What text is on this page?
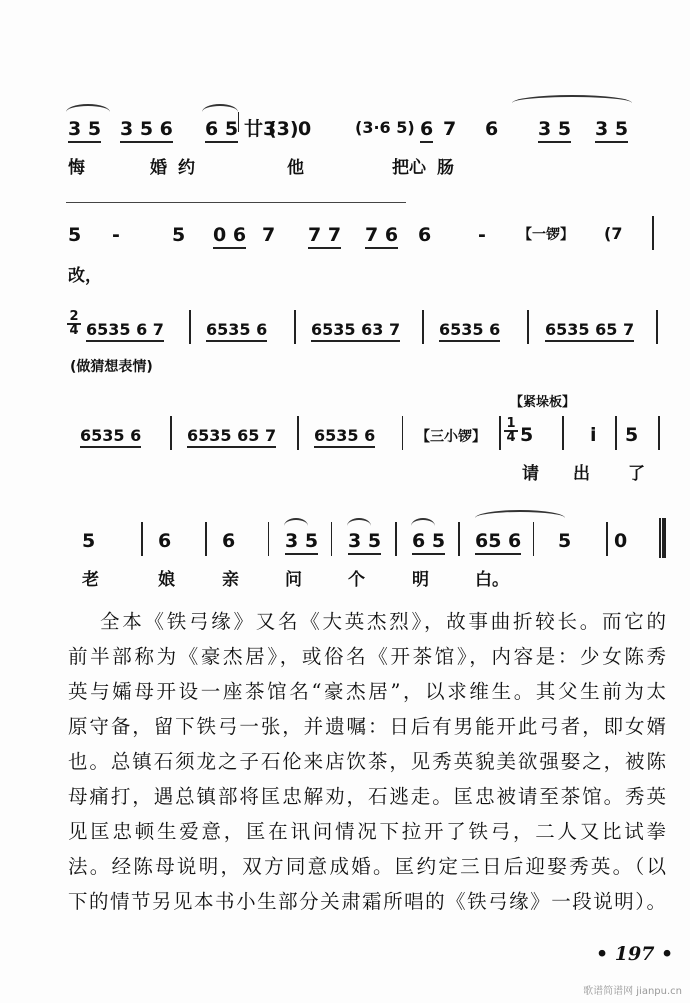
3 5 3 5 6 6 5 廿3
(3) 0	(3·6 5) 6 7 6 3 5 3 5
悔	婚 约	他	把心 肠
5 -	5 0 6 7 7 7 7 6 6 - 【一锣】 (7
改，
2
4 6535 6 7	6535 6	6535 63 7 6535 6	6535 65 7
(做猜想表情)
【紧垛板】
6535 6	6535 65 7 6535 6	【三小锣】
1
4 5	i 5
请 出 了
5	6	6	3 5 3 5 6 5 65 6 5 0
老	娘	亲	问	个	明	白。
全本《铁弓缘》又名《大英杰烈》，故事曲折较长。而它的
前半部称为《豪杰居》，或俗名《开茶馆》，内容是：少女陈秀
英与孀母开设一座茶馆名“豪杰居”，以求维生。其父生前为太
原守备，留下铁弓一张，并遗嘱：日后有男能开此弓者，即女婿
也。总镇石须龙之子石伦来店饮茶，见秀英貌美欲强娶之，被陈
母痛打，遇总镇部将匡忠解劝，石逃走。匡忠被请至茶馆。秀英
见匡忠顿生爱意，匡在讯问情况下拉开了铁弓，二人又比试拳
法。经陈母说明，双方同意成婚。匡约定三日后迎娶秀英。（以
下的情节另见本书小生部分关肃霜所唱的《铁弓缘》一段说明）。
• 197 •
歌谱简谱网 jianpu.cn
